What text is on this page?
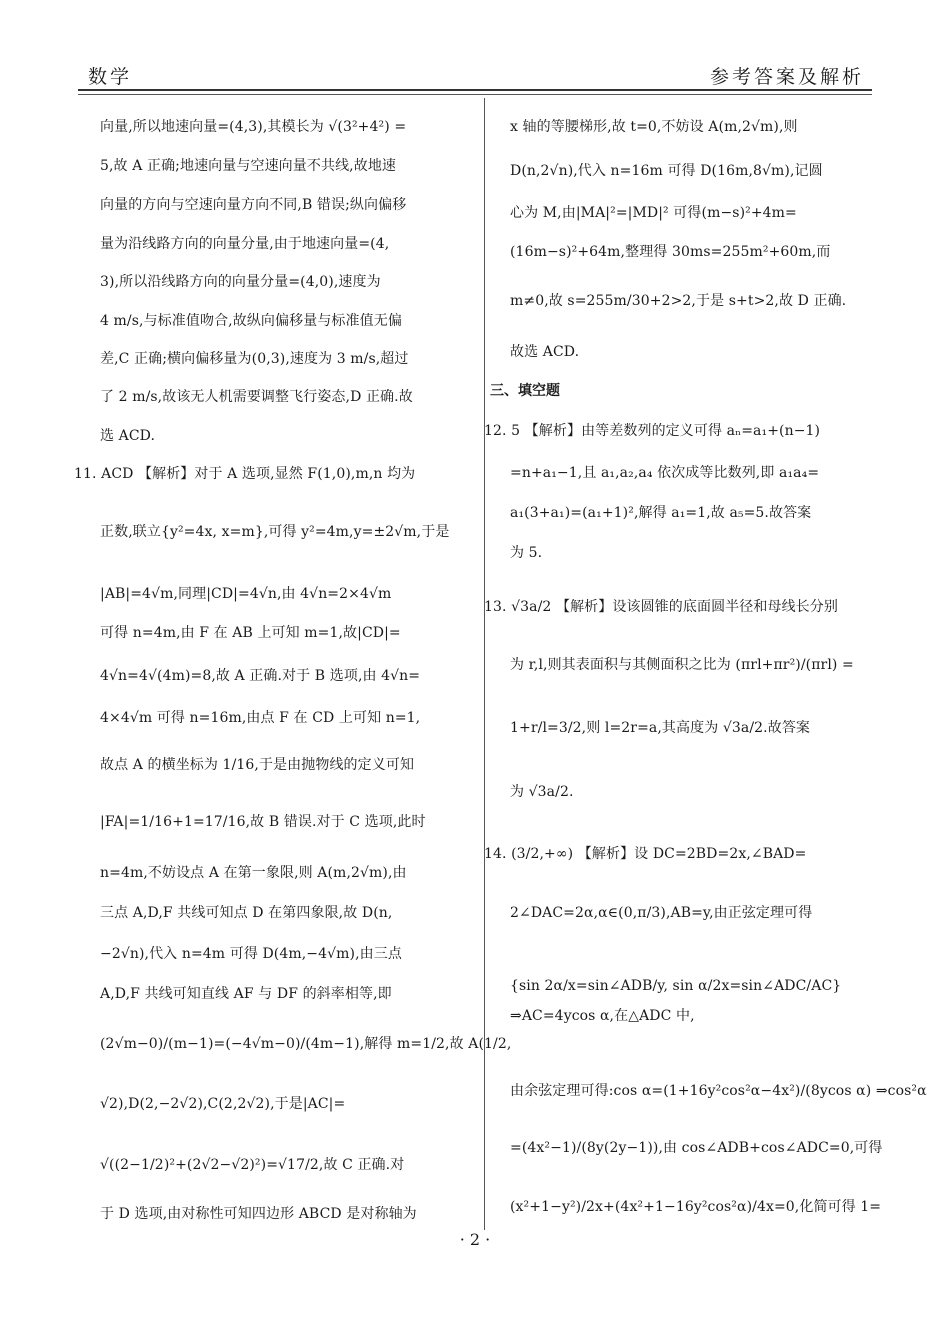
数学	参考答案及解析
向量,所以地速向量=(4,3),其模长为 √(3²+4²) =
5,故 A 正确;地速向量与空速向量不共线,故地速
向量的方向与空速向量方向不同,B 错误;纵向偏移
量为沿线路方向的向量分量,由于地速向量=(4,
3),所以沿线路方向的向量分量=(4,0),速度为
4 m/s,与标准值吻合,故纵向偏移量与标准值无偏
差,C 正确;横向偏移量为(0,3),速度为 3 m/s,超过
了 2 m/s,故该无人机需要调整飞行姿态,D 正确.故
选 ACD.
11. ACD 【解析】对于 A 选项,显然 F(1,0),m,n 均为
正数,联立{y²=4x, x=m},可得 y²=4m,y=±2√m,于是
|AB|=4√m,同理|CD|=4√n,由 4√n=2×4√m
可得 n=4m,由 F 在 AB 上可知 m=1,故|CD|=
4√n=4√(4m)=8,故 A 正确.对于 B 选项,由 4√n=
4×4√m 可得 n=16m,由点 F 在 CD 上可知 n=1,
故点 A 的横坐标为 1/16,于是由抛物线的定义可知
|FA|=1/16+1=17/16,故 B 错误.对于 C 选项,此时
n=4m,不妨设点 A 在第一象限,则 A(m,2√m),由
三点 A,D,F 共线可知点 D 在第四象限,故 D(n,
−2√n),代入 n=4m 可得 D(4m,−4√m),由三点
A,D,F 共线可知直线 AF 与 DF 的斜率相等,即
(2√m−0)/(m−1)=(−4√m−0)/(4m−1),解得 m=1/2,故 A(1/2,
√2),D(2,−2√2),C(2,2√2),于是|AC|=
√((2−1/2)²+(2√2−√2)²)=√17/2,故 C 正确.对
于 D 选项,由对称性可知四边形 ABCD 是对称轴为
x 轴的等腰梯形,故 t=0,不妨设 A(m,2√m),则
D(n,2√n),代入 n=16m 可得 D(16m,8√m),记圆
心为 M,由|MA|²=|MD|² 可得(m−s)²+4m=
(16m−s)²+64m,整理得 30ms=255m²+60m,而
m≠0,故 s=255m/30+2>2,于是 s+t>2,故 D 正确.
故选 ACD.
三、填空题
12. 5 【解析】由等差数列的定义可得 aₙ=a₁+(n−1)
=n+a₁−1,且 a₁,a₂,a₄ 依次成等比数列,即 a₁a₄=
a₁(3+a₁)=(a₁+1)²,解得 a₁=1,故 a₅=5.故答案
为 5.
13. √3a/2 【解析】设该圆锥的底面圆半径和母线长分别
为 r,l,则其表面积与其侧面积之比为 (πrl+πr²)/(πrl) =
1+r/l=3/2,则 l=2r=a,其高度为 √3a/2.故答案
为 √3a/2.
14. (3/2,+∞) 【解析】设 DC=2BD=2x,∠BAD=
2∠DAC=2α,α∈(0,π/3),AB=y,由正弦定理可得
{sin 2α/x=sin∠ADB/y, sin α/2x=sin∠ADC/AC}
⇒AC=4ycos α,在△ADC 中,
由余弦定理可得:cos α=(1+16y²cos²α−4x²)/(8ycos α) ⇒cos²α
=(4x²−1)/(8y(2y−1)),由 cos∠ADB+cos∠ADC=0,可得
(x²+1−y²)/2x+(4x²+1−16y²cos²α)/4x=0,化简可得 1=
· 2 ·
